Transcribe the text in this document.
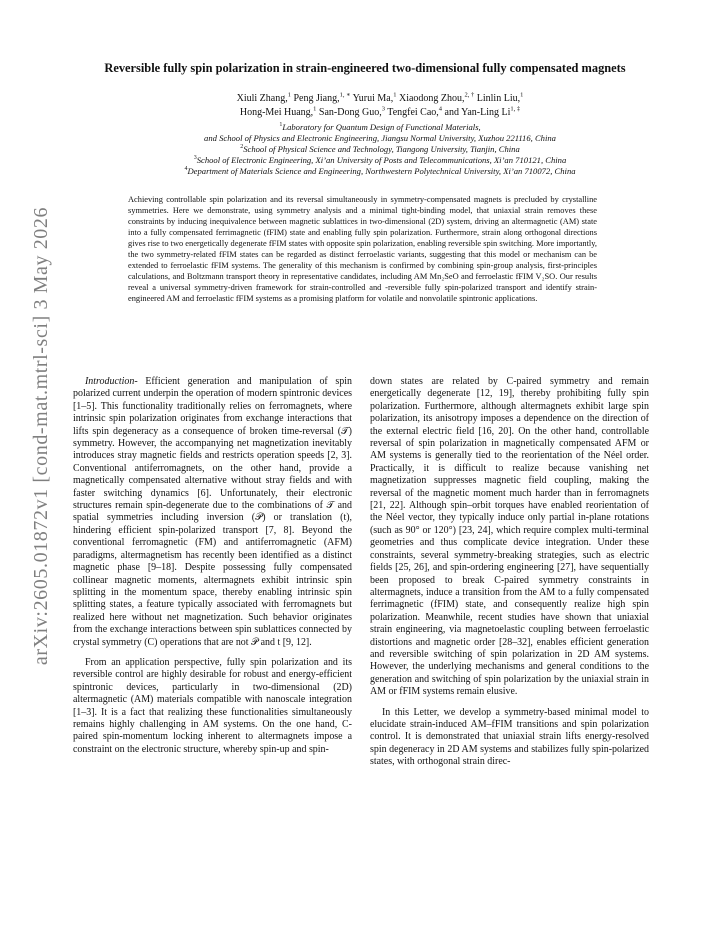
arXiv:2605.01872v1 [cond-mat.mtrl-sci] 3 May 2026
Reversible fully spin polarization in strain-engineered two-dimensional fully compensated magnets
Xiuli Zhang,$^1$ Peng Jiang,$^{1, ∗}$ Yurui Ma,$^1$ Xiaodong Zhou,$^{2, \dagger}$ Linlin Liu,$^1$
Hong-Mei Huang,$^1$ San-Dong Guo,$^3$ Tengfei Cao,$^4$ and Yan-Ling $Li^{1, \ddagger}$
$^1$Laboratory for Quantum Design of Functional Materials,
and School of Physics and Electronic Engineering, Jiangsu Normal University, Xuzhou 221116, China
$^2$School of Physical Science and Technology, Tiangong University, Tianjin, China
$^3$School of Electronic Engineering, Xi’an University of Posts and Telecommunications, Xi’an 710121, China
$^4$Department of Materials Science and Engineering, Northwestern Polytechnical University, Xi’an 710072, China
Achieving controllable spin polarization and its reversal simultaneously in symmetry-compensated magnets is precluded by crystalline symmetries. Here we demonstrate, using symmetry analysis and a minimal tight-binding model, that uniaxial strain removes these constraints by inducing inequivalence between magnetic sublattices in two-dimensional (2D) system, driving an altermagnetic (AM) state into a fully compensated ferrimagnetic (fFIM) state and enabling fully spin polarization. Furthermore, strain along orthogonal directions gives rise to two energetically degenerate fFIM states with opposite spin polarization, enabling reversible spin switching. More importantly, the two symmetry-related fFIM states can be regarded as distinct ferroelastic variants, suggesting that this model or mechanism can be extended to ferroelastic fFIM systems. The generality of this mechanism is confirmed by combining spin-group analysis, first-principles calculations, and Boltzmann transport theory in representative candidates, including AM Mn₂SeO and ferroelastic fFIM V₂SO. Our results reveal a universal symmetry-driven framework for strain-controlled and -reversible fully spin-polarized transport and identify strain-engineered AM and ferroelastic fFIM systems as a promising platform for volatile and nonvolatile spintronic applications.

Introduction- Efficient generation and manipulation of spin polarized current underpin the operation of modern spintronic devices [1–5]. This functionality traditionally relies on ferromagnets, where intrinsic spin polarization originates from exchange interactions that lifts spin degeneracy as a consequence of broken time-reversal (𝒯) symmetry. However, the accompanying net magnetization inevitably introduces stray magnetic fields and restricts operation speeds [2, 3]. Conventional antiferromagnets, on the other hand, provide a magnetically compensated alternative without stray fields and with faster switching dynamics [6]. Unfortunately, their electronic structures remain spin-degenerate due to the combinations of 𝒯 and spatial symmetries including inversion (𝒫) or translation (t), hindering efficient spin-polarized transport [7, 8]. Beyond the conventional ferromagnetic (FM) and antiferromagnetic (AFM) paradigms, altermagnetism has recently been identified as a distinct magnetic phase [9–18]. Despite possessing fully compensated collinear magnetic moments, altermagnets exhibit intrinsic spin splitting in the momentum space, thereby enabling intrinsic spin splitting states, a feature typically associated with ferromagnets but realized here without net magnetization. Such behavior originates from the exchange interactions between spin sublattices connected by crystal symmetry (C) operations that are not 𝒫 and t [9, 12].

From an application perspective, fully spin polarization and its reversible control are highly desirable for robust and energy-efficient spintronic devices, particularly in two-dimensional (2D) altermagnetic (AM) materials compatible with nanoscale integration [1–3]. It is a fact that realizing these functionalities simultaneously remains highly challenging in AM systems. On the one hand, C-paired spin-momentum locking inherent to altermagnets impose a constraint on the electronic structure, whereby spin-up and spin-

down states are related by C-paired symmetry and remain energetically degenerate [12, 19], thereby prohibiting fully spin polarization. Furthermore, although altermagnets exhibit large spin polarization, its anisotropy imposes a dependence on the direction of the external electric field [16, 20]. On the other hand, controllable reversal of spin polarization in magnetically compensated AFM or AM systems is generally tied to the reorientation of the Néel order. Practically, it is difficult to realize because vanishing net magnetization suppresses magnetic field coupling, making the reversal of the magnetic moment much harder than in ferromagnets [21, 22]. Although spin–orbit torques have enabled reorientation of the Néel vector, they typically induce only partial in-plane rotations (such as 90° or 120°) [23, 24], which require complex multi-terminal geometries and thus complicate device integration. Under these constraints, several symmetry-breaking strategies, such as electric fields [25, 26], and spin-ordering engineering [27], have sequentially been proposed to break C-paired symmetry constraints in altermagnets, induce a transition from the AM to a fully compensated ferrimagnetic (fFIM) state, and consequently realize high spin polarization. Meanwhile, recent studies have shown that uniaxial strain engineering, via magnetoelastic coupling between ferroelastic distortions and magnetic order [28–32], enables efficient generation and reversible switching of spin polarization in 2D AM systems. However, the underlying mechanisms and general conditions to the generation and switching of spin polarization by the uniaxial strain in AM or fFIM systems remain elusive.

In this Letter, we develop a symmetry-based minimal model to elucidate strain-induced AM–fFIM transitions and spin polarization control. It is demonstrated that uniaxial strain lifts energy-resolved spin degeneracy in 2D AM systems and stabilizes fully spin-polarized states, with orthogonal strain direc-
